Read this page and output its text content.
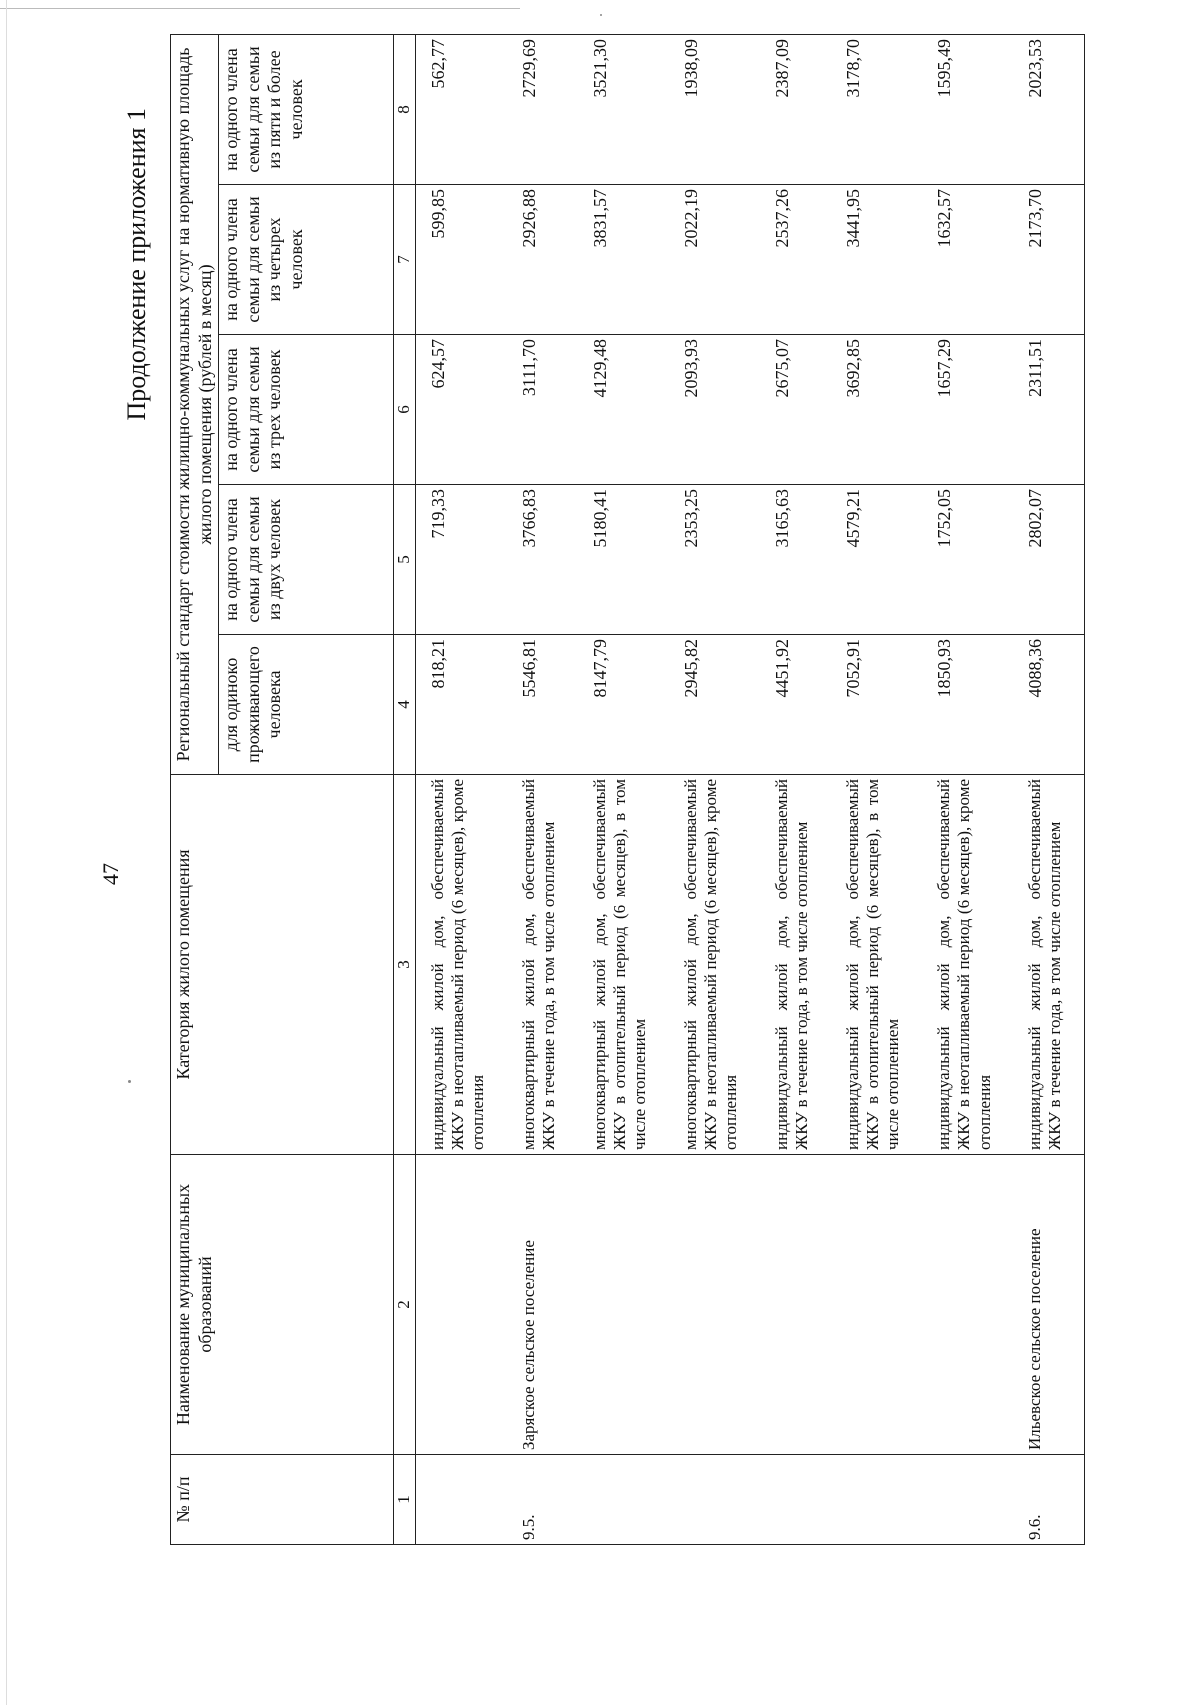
47
Продолжение приложения 1
№ п/п	Наименование муниципальных образований	Категория жилого помещения	Региональный стандарт стоимости жилищно-коммунальных услуг на нормативную площадь жилого помещения (рублей в месяц)				
			для одиноко проживающего человека	на одного члена семьи для семьи из двух человек	на одного члена семьи для семьи из трех человек	на одного члена семьи для семьи из четырех человек	на одного члена семьи для семьи из пяти и более человек
1	2	3	4	5	6	7	8
		индивидуальный жилой дом, обеспечиваемый ЖКУ в неотапливаемый период (6 месяцев), кроме отопления	818,21	719,33	624,57	599,85	562,77
9.5.	Заряское сельское поселение	многоквартирный жилой дом, обеспечиваемый ЖКУ в течение года, в том числе отоплением	5546,81	3766,83	3111,70	2926,88	2729,69
		многоквартирный жилой дом, обеспечиваемый ЖКУ в отопительный период (6 месяцев), в том числе отоплением	8147,79	5180,41	4129,48	3831,57	3521,30
		многоквартирный жилой дом, обеспечиваемый ЖКУ в неотапливаемый период (6 месяцев), кроме отопления	2945,82	2353,25	2093,93	2022,19	1938,09
		индивидуальный жилой дом, обеспечиваемый ЖКУ в течение года, в том числе отоплением	4451,92	3165,63	2675,07	2537,26	2387,09
		индивидуальный жилой дом, обеспечиваемый ЖКУ в отопительный период (6 месяцев), в том числе отоплением	7052,91	4579,21	3692,85	3441,95	3178,70
		индивидуальный жилой дом, обеспечиваемый ЖКУ в неотапливаемый период (6 месяцев), кроме отопления	1850,93	1752,05	1657,29	1632,57	1595,49
9.6.	Ильевское сельское поселение	индивидуальный жилой дом, обеспечиваемый ЖКУ в течение года, в том числе отоплением	4088,36	2802,07	2311,51	2173,70	2023,53
